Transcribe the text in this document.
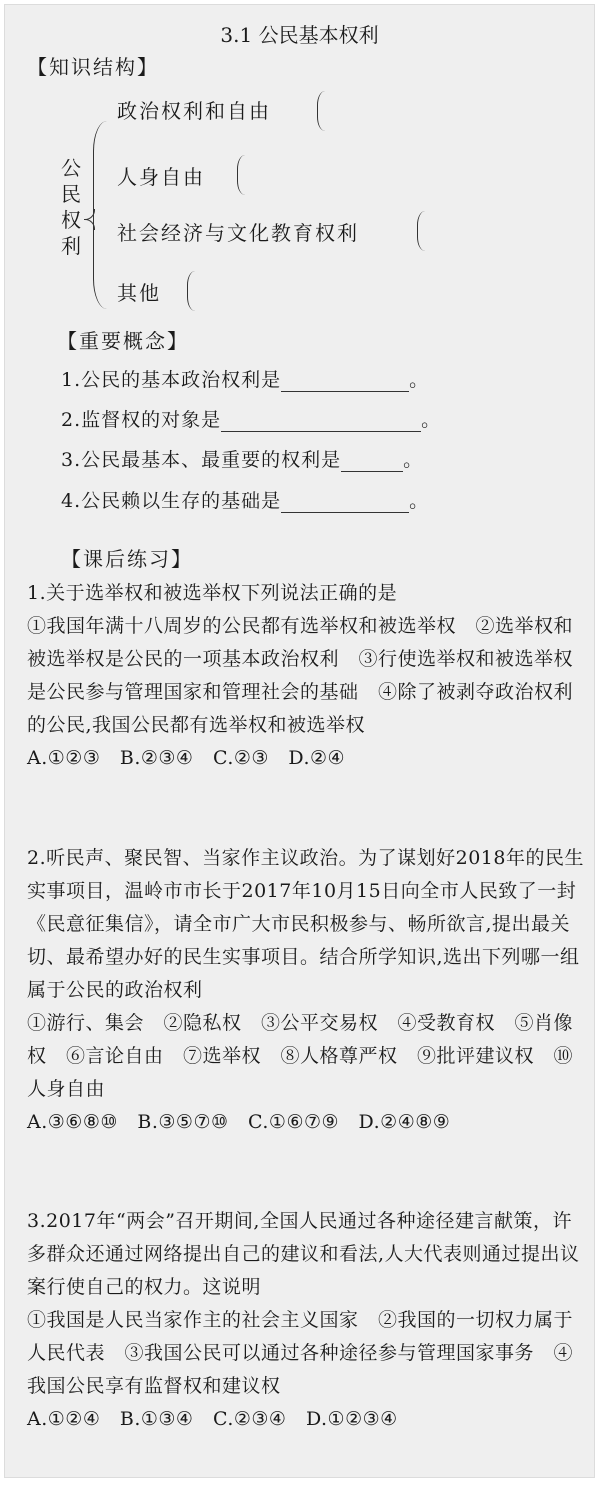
3.1 公民基本权利
【知识结构】
公
民
权
利
政治权利和自由
人身自由
社会经济与文化教育权利
其他
【重要概念】
1.公民的基本政治权利是	。
2.监督权的对象是	。
3.公民最基本、最重要的权利是	。
4.公民赖以生存的基础是	。
【课后练习】
1.关于选举权和被选举权下列说法正确的是
①我国年满十八周岁的公民都有选举权和被选举权　②选举权和被选举权是公民的一项基本政治权利　③行使选举权和被选举权是公民参与管理国家和管理社会的基础　④除了被剥夺政治权利的公民,我国公民都有选举权和被选举权
A.①②③　B.②③④　C.②③　D.②④
2.听民声、聚民智、当家作主议政治。为了谋划好2018年的民生实事项目，温岭市市长于2017年10月15日向全市人民致了一封《民意征集信》，请全市广大市民积极参与、畅所欲言,提出最关切、最希望办好的民生实事项目。结合所学知识,选出下列哪一组属于公民的政治权利
①游行、集会　②隐私权　③公平交易权　④受教育权　⑤肖像权　⑥言论自由　⑦选举权　⑧人格尊严权　⑨批评建议权　⑩人身自由
A.③⑥⑧⑩　B.③⑤⑦⑩　C.①⑥⑦⑨　D.②④⑧⑨
3.2017年“两会”召开期间,全国人民通过各种途径建言献策，许多群众还通过网络提出自己的建议和看法,人大代表则通过提出议案行使自己的权力。这说明
①我国是人民当家作主的社会主义国家　②我国的一切权力属于人民代表　③我国公民可以通过各种途径参与管理国家事务　④我国公民享有监督权和建议权
A.①②④　B.①③④　C.②③④　D.①②③④
